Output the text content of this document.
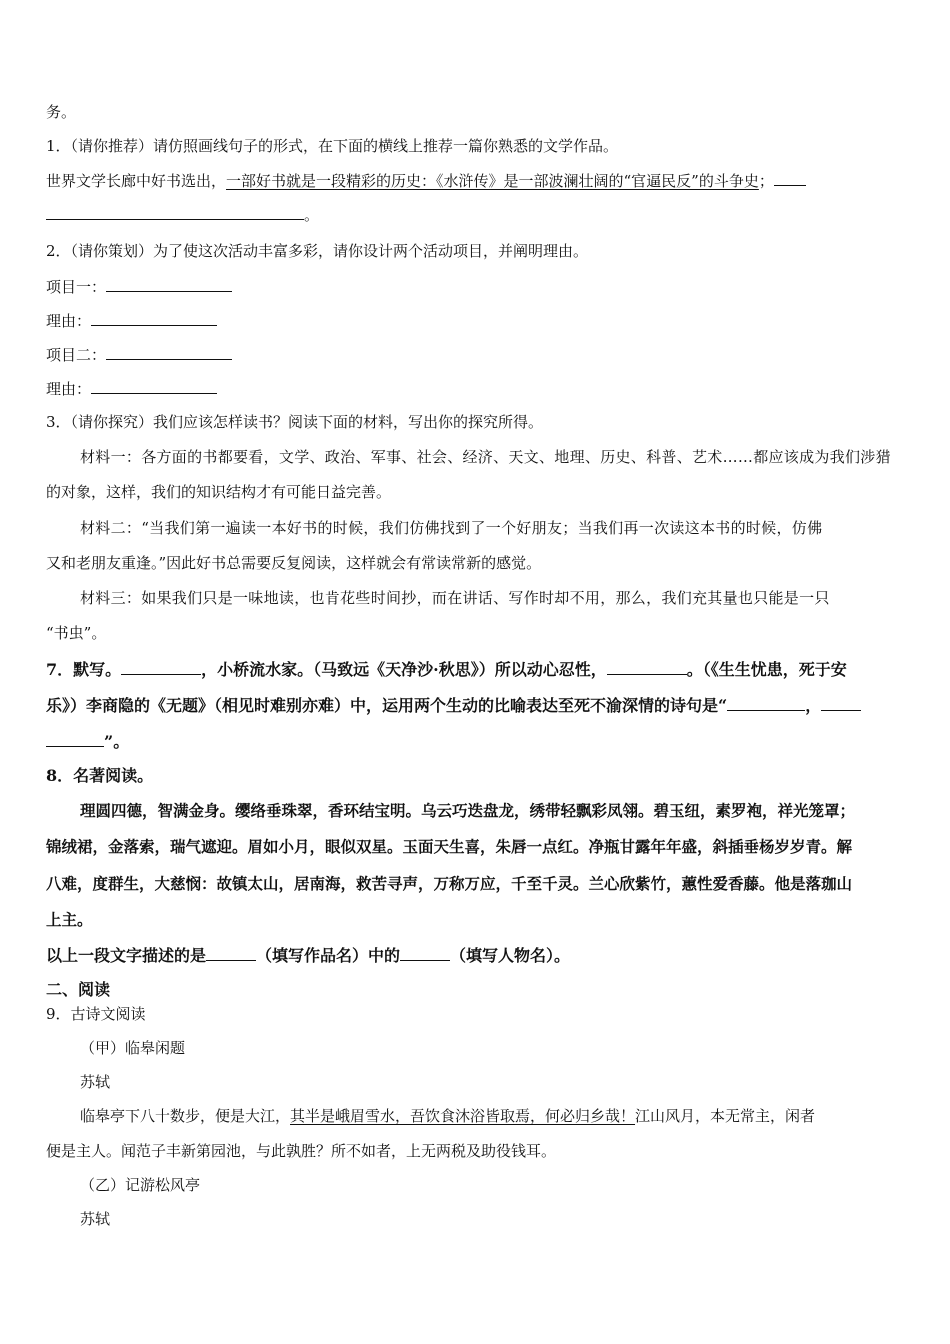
务。
1．（请你推荐）请仿照画线句子的形式，在下面的横线上推荐一篇你熟悉的文学作品。
世界文学长廊中好书选出，一部好书就是一段精彩的历史：《水浒传》是一部波澜壮阔的“官逼民反”的斗争史；
。
2．（请你策划）为了使这次活动丰富多彩，请你设计两个活动项目，并阐明理由。
项目一：
理由：
项目二：
理由：
3．（请你探究）我们应该怎样读书？阅读下面的材料，写出你的探究所得。
材料一：各方面的书都要看，文学、政治、军事、社会、经济、天文、地理、历史、科普、艺术……都应该成为我们涉猎
的对象，这样，我们的知识结构才有可能日益完善。
材料二：“当我们第一遍读一本好书的时候，我们仿佛找到了一个好朋友；当我们再一次读这本书的时候，仿佛
又和老朋友重逢。”因此好书总需要反复阅读，这样就会有常读常新的感觉。
材料三：如果我们只是一味地读，也肯花些时间抄，而在讲话、写作时却不用，那么，我们充其量也只能是一只
“书虫”。
7．默写。	，小桥流水家。（马致远《天净沙·秋思》）所以动心忍性，	。（《生生忧患，死于安
乐》）李商隐的《无题》（相见时难别亦难）中，运用两个生动的比喻表达至死不渝深情的诗句是“	，
”。
8．名著阅读。
理圆四德，智满金身。缨络垂珠翠，香环结宝明。乌云巧迭盘龙，绣带轻飘彩凤翎。碧玉纽，素罗袍，祥光笼罩；
锦绒裙，金落索，瑞气遮迎。眉如小月，眼似双星。玉面天生喜，朱唇一点红。净瓶甘露年年盛，斜插垂杨岁岁青。解
八难，度群生，大慈悯：故镇太山，居南海，救苦寻声，万称万应，千至千灵。兰心欣紫竹，蕙性爱香藤。他是落珈山
上主。
以上一段文字描述的是	（填写作品名）中的	（填写人物名）。
二、阅读
9．古诗文阅读
（甲）临皋闲题
苏轼
临皋亭下八十数步，便是大江，其半是峨眉雪水，吾饮食沐浴皆取焉，何必归乡哉！江山风月，本无常主，闲者
便是主人。闻范子丰新第园池，与此孰胜？所不如者，上无两税及助役钱耳。
（乙）记游松风亭
苏轼
